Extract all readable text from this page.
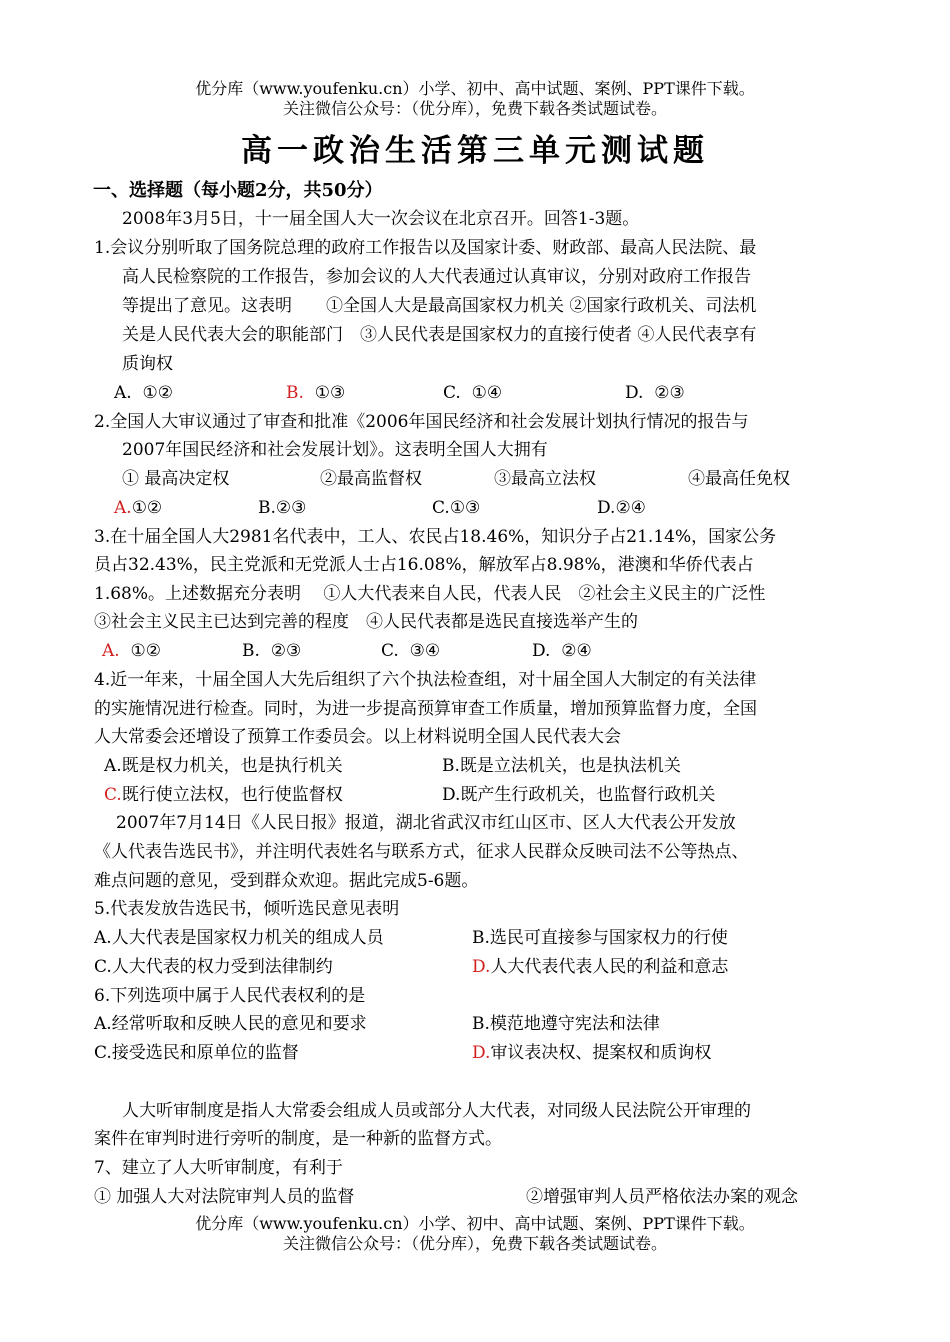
优分库（www.youfenku.cn）小学、初中、高中试题、案例、PPT课件下载。
关注微信公众号：（优分库），免费下载各类试题试卷。
高一政治生活第三单元测试题
一、选择题（每小题2分，共50分）
2008年3月5日，十一届全国人大一次会议在北京召开。回答1-3题。
1.会议分别听取了国务院总理的政府工作报告以及国家计委、财政部、最高人民法院、最
高人民检察院的工作报告，参加会议的人大代表通过认真审议，分别对政府工作报告
等提出了意见。这表明　　①全国人大是最高国家权力机关 ②国家行政机关、司法机
关是人民代表大会的职能部门　③人民代表是国家权力的直接行使者 ④人民代表享有
质询权
A. ①②	B. ①③	C. ①④	D. ②③
2.全国人大审议通过了审查和批准《2006年国民经济和社会发展计划执行情况的报告与
2007年国民经济和社会发展计划》。这表明全国人大拥有
① 最高决定权	②最高监督权	③最高立法权	④最高任免权
A.①②	B.②③	C.①③	D.②④
3.在十届全国人大2981名代表中，工人、农民占18.46%，知识分子占21.14%，国家公务
员占32.43%，民主党派和无党派人士占16.08%，解放军占8.98%，港澳和华侨代表占
1.68%。上述数据充分表明　 ①人大代表来自人民，代表人民　②社会主义民主的广泛性
③社会主义民主已达到完善的程度　④人民代表都是选民直接选举产生的
A. ①②	B. ②③	C. ③④	D. ②④
4.近一年来，十届全国人大先后组织了六个执法检查组，对十届全国人大制定的有关法律
的实施情况进行检查。同时，为进一步提高预算审查工作质量，增加预算监督力度，全国
人大常委会还增设了预算工作委员会。以上材料说明全国人民代表大会
A.既是权力机关，也是执行机关	B.既是立法机关，也是执法机关
C.既行使立法权，也行使监督权	D.既产生行政机关，也监督行政机关
2007年7月14日《人民日报》报道，湖北省武汉市红山区市、区人大代表公开发放
《人代表告选民书》，并注明代表姓名与联系方式，征求人民群众反映司法不公等热点、
难点问题的意见，受到群众欢迎。据此完成5-6题。
5.代表发放告选民书，倾听选民意见表明
A.人大代表是国家权力机关的组成人员	B.选民可直接参与国家权力的行使
C.人大代表的权力受到法律制约	D.人大代表代表人民的利益和意志
6.下列选项中属于人民代表权利的是
A.经常听取和反映人民的意见和要求	B.模范地遵守宪法和法律
C.接受选民和原单位的监督	D.审议表决权、提案权和质询权
人大听审制度是指人大常委会组成人员或部分人大代表，对同级人民法院公开审理的
案件在审判时进行旁听的制度，是一种新的监督方式。
7、建立了人大听审制度，有利于
① 加强人大对法院审判人员的监督	②增强审判人员严格依法办案的观念
优分库（www.youfenku.cn）小学、初中、高中试题、案例、PPT课件下载。
关注微信公众号：（优分库），免费下载各类试题试卷。
